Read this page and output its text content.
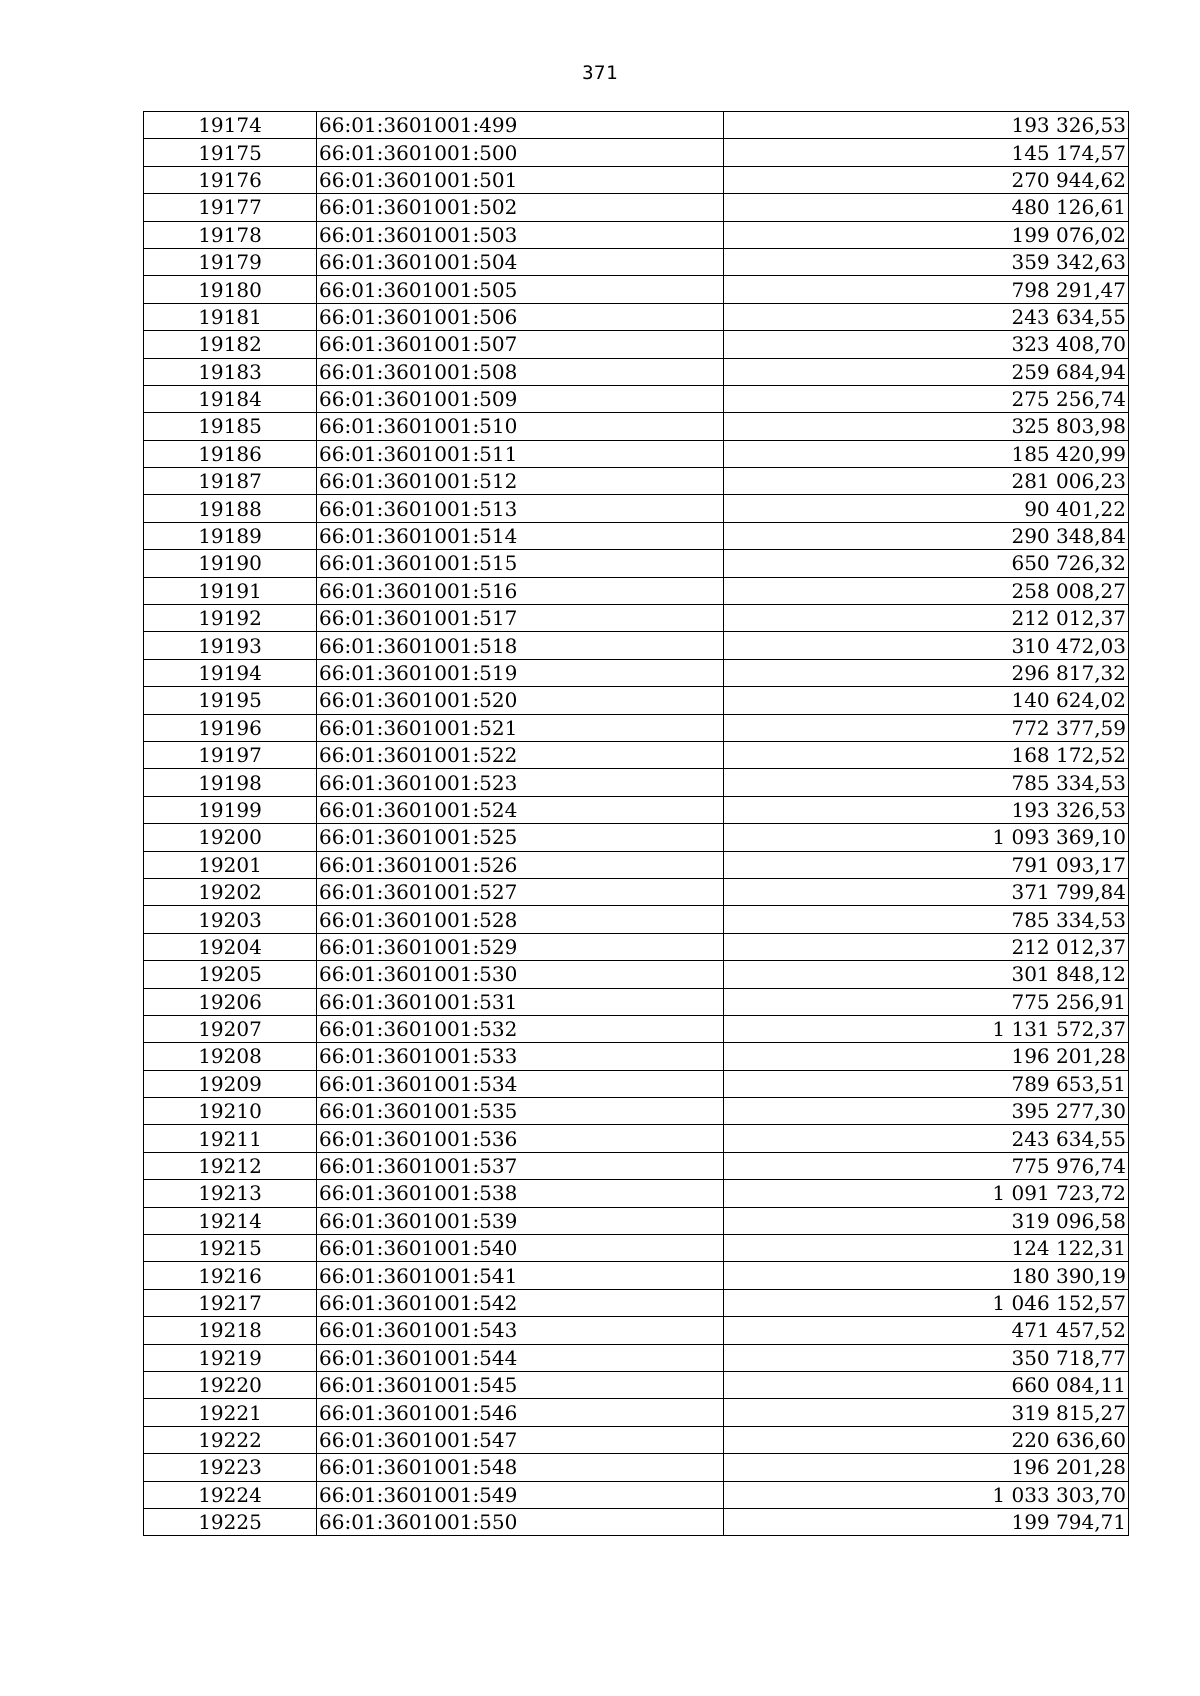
371
19174	66:01:3601001:499	193 326,53
19175	66:01:3601001:500	145 174,57
19176	66:01:3601001:501	270 944,62
19177	66:01:3601001:502	480 126,61
19178	66:01:3601001:503	199 076,02
19179	66:01:3601001:504	359 342,63
19180	66:01:3601001:505	798 291,47
19181	66:01:3601001:506	243 634,55
19182	66:01:3601001:507	323 408,70
19183	66:01:3601001:508	259 684,94
19184	66:01:3601001:509	275 256,74
19185	66:01:3601001:510	325 803,98
19186	66:01:3601001:511	185 420,99
19187	66:01:3601001:512	281 006,23
19188	66:01:3601001:513	90 401,22
19189	66:01:3601001:514	290 348,84
19190	66:01:3601001:515	650 726,32
19191	66:01:3601001:516	258 008,27
19192	66:01:3601001:517	212 012,37
19193	66:01:3601001:518	310 472,03
19194	66:01:3601001:519	296 817,32
19195	66:01:3601001:520	140 624,02
19196	66:01:3601001:521	772 377,59
19197	66:01:3601001:522	168 172,52
19198	66:01:3601001:523	785 334,53
19199	66:01:3601001:524	193 326,53
19200	66:01:3601001:525	1 093 369,10
19201	66:01:3601001:526	791 093,17
19202	66:01:3601001:527	371 799,84
19203	66:01:3601001:528	785 334,53
19204	66:01:3601001:529	212 012,37
19205	66:01:3601001:530	301 848,12
19206	66:01:3601001:531	775 256,91
19207	66:01:3601001:532	1 131 572,37
19208	66:01:3601001:533	196 201,28
19209	66:01:3601001:534	789 653,51
19210	66:01:3601001:535	395 277,30
19211	66:01:3601001:536	243 634,55
19212	66:01:3601001:537	775 976,74
19213	66:01:3601001:538	1 091 723,72
19214	66:01:3601001:539	319 096,58
19215	66:01:3601001:540	124 122,31
19216	66:01:3601001:541	180 390,19
19217	66:01:3601001:542	1 046 152,57
19218	66:01:3601001:543	471 457,52
19219	66:01:3601001:544	350 718,77
19220	66:01:3601001:545	660 084,11
19221	66:01:3601001:546	319 815,27
19222	66:01:3601001:547	220 636,60
19223	66:01:3601001:548	196 201,28
19224	66:01:3601001:549	1 033 303,70
19225	66:01:3601001:550	199 794,71
